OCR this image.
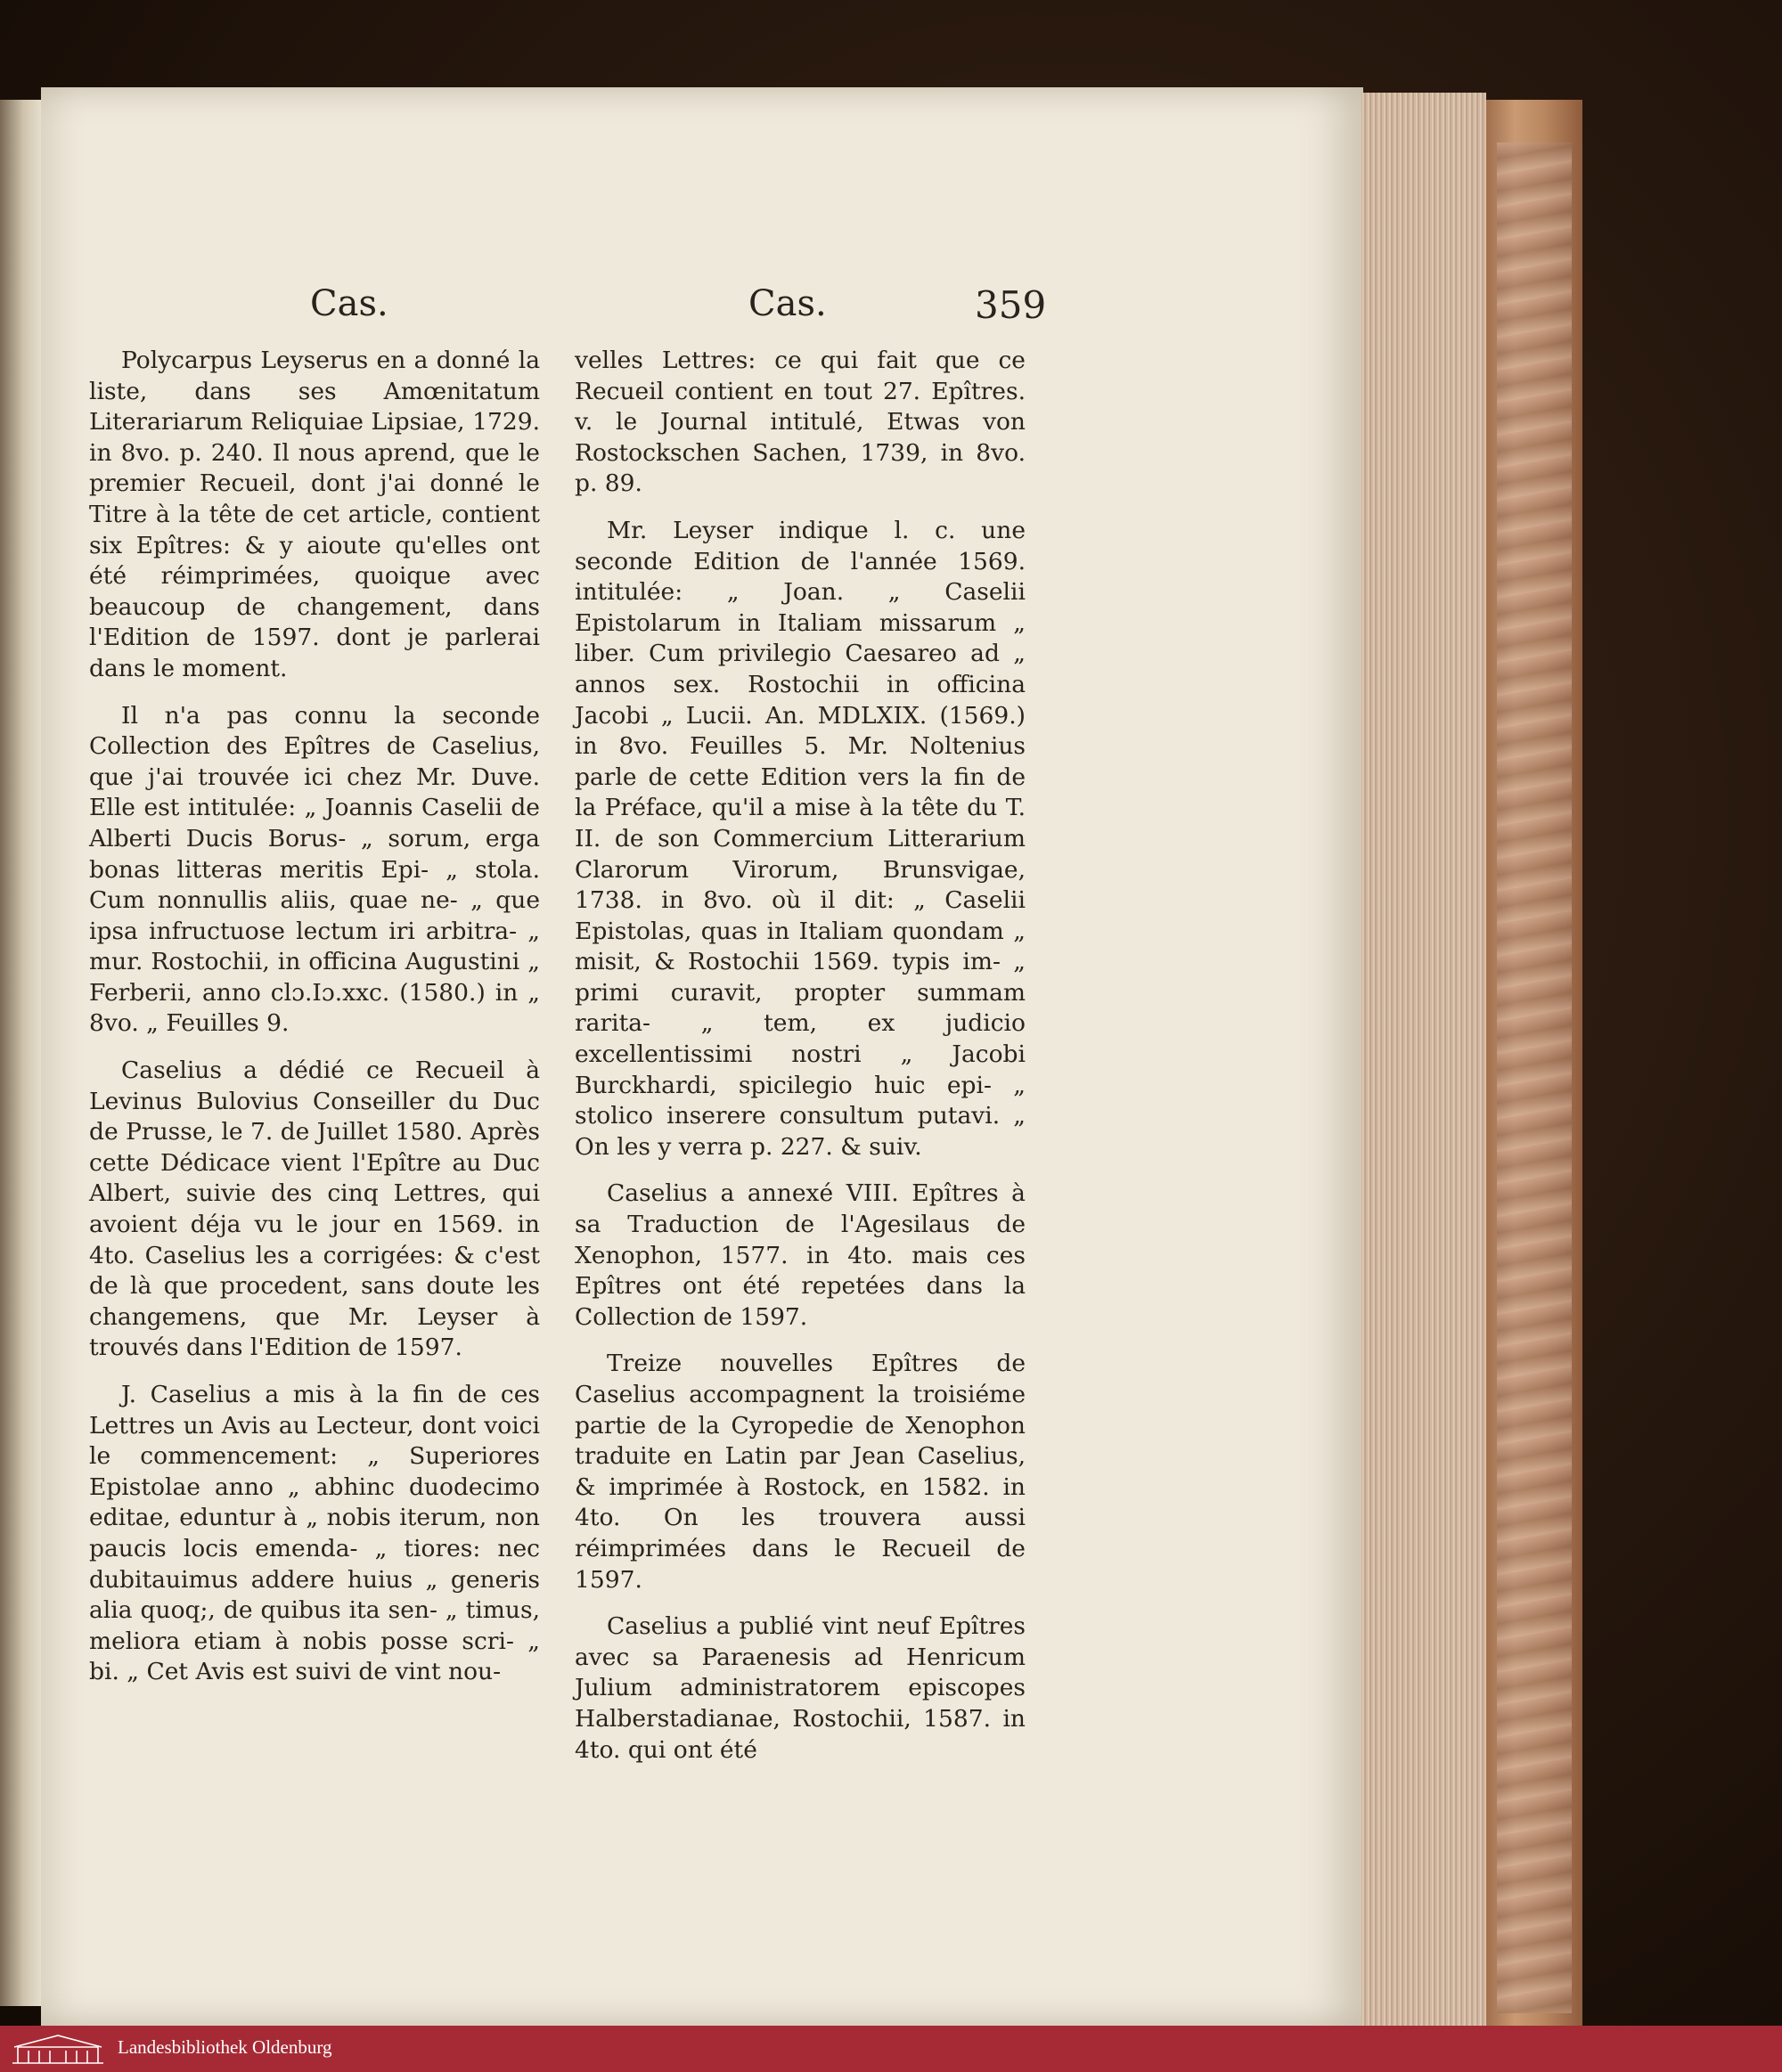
Cas.	Cas.	359

Polycarpus Leyserus en a donné la liste, dans ses Amœnitatum Literariarum Reliquiae Lipsiae, 1729. in 8vo. p. 240. Il nous aprend, que le premier Recueil, dont j'ai donné le Titre à la tête de cet article, contient six Epîtres: & y aioute qu'elles ont été réimprimées, quoique avec beaucoup de changement, dans l'Edition de 1597. dont je parlerai dans le moment.

Il n'a pas connu la seconde Collection des Epîtres de Caselius, que j'ai trouvée ici chez Mr. Duve. Elle est intitulée: „ Joannis Caselii de Alberti Ducis Borus- „ sorum, erga bonas litteras meritis Epi- „ stola. Cum nonnullis aliis, quae ne- „ que ipsa infructuose lectum iri arbitra- „ mur. Rostochii, in officina Augustini „ Ferberii, anno clɔ.Iɔ.xxc. (1580.) in „ 8vo. „ Feuilles 9.

Caselius a dédié ce Recueil à Levinus Bulovius Conseiller du Duc de Prusse, le 7. de Juillet 1580. Après cette Dédicace vient l'Epître au Duc Albert, suivie des cinq Lettres, qui avoient déja vu le jour en 1569. in 4to. Caselius les a corrigées: & c'est de là que procedent, sans doute les changemens, que Mr. Leyser à trouvés dans l'Edition de 1597.

J. Caselius a mis à la fin de ces Lettres un Avis au Lecteur, dont voici le commencement: „ Superiores Epistolae anno „ abhinc duodecimo editae, eduntur à „ nobis iterum, non paucis locis emenda- „ tiores: nec dubitauimus addere huius „ generis alia quoq;, de quibus ita sen- „ timus, meliora etiam à nobis posse scri- „ bi. „ Cet Avis est suivi de vint nou-

velles Lettres: ce qui fait que ce Recueil contient en tout 27. Epîtres. v. le Journal intitulé, Etwas von Rostockschen Sachen, 1739, in 8vo. p. 89.

Mr. Leyser indique l. c. une seconde Edition de l'année 1569. intitulée: „ Joan. „ Caselii Epistolarum in Italiam missarum „ liber. Cum privilegio Caesareo ad „ annos sex. Rostochii in officina Jacobi „ Lucii. An. MDLXIX. (1569.) in 8vo. Feuilles 5. Mr. Noltenius parle de cette Edition vers la fin de la Préface, qu'il a mise à la tête du T. II. de son Commercium Litterarium Clarorum Virorum, Brunsvigae, 1738. in 8vo. où il dit: „ Caselii Epistolas, quas in Italiam quondam „ misit, & Rostochii 1569. typis im- „ primi curavit, propter summam rarita- „ tem, ex judicio excellentissimi nostri „ Jacobi Burckhardi, spicilegio huic epi- „ stolico inserere consultum putavi. „ On les y verra p. 227. & suiv.

Caselius a annexé VIII. Epîtres à sa Traduction de l'Agesilaus de Xenophon, 1577. in 4to. mais ces Epîtres ont été repetées dans la Collection de 1597.

Treize nouvelles Epîtres de Caselius accompagnent la troisiéme partie de la Cyropedie de Xenophon traduite en Latin par Jean Caselius, & imprimée à Rostock, en 1582. in 4to. On les trouvera aussi réimprimées dans le Recueil de 1597.

Caselius a publié vint neuf Epîtres avec sa Paraenesis ad Henricum Julium administratorem episcopes Halberstadianae, Rostochii, 1587. in 4to. qui ont été

Landesbibliothek Oldenburg
